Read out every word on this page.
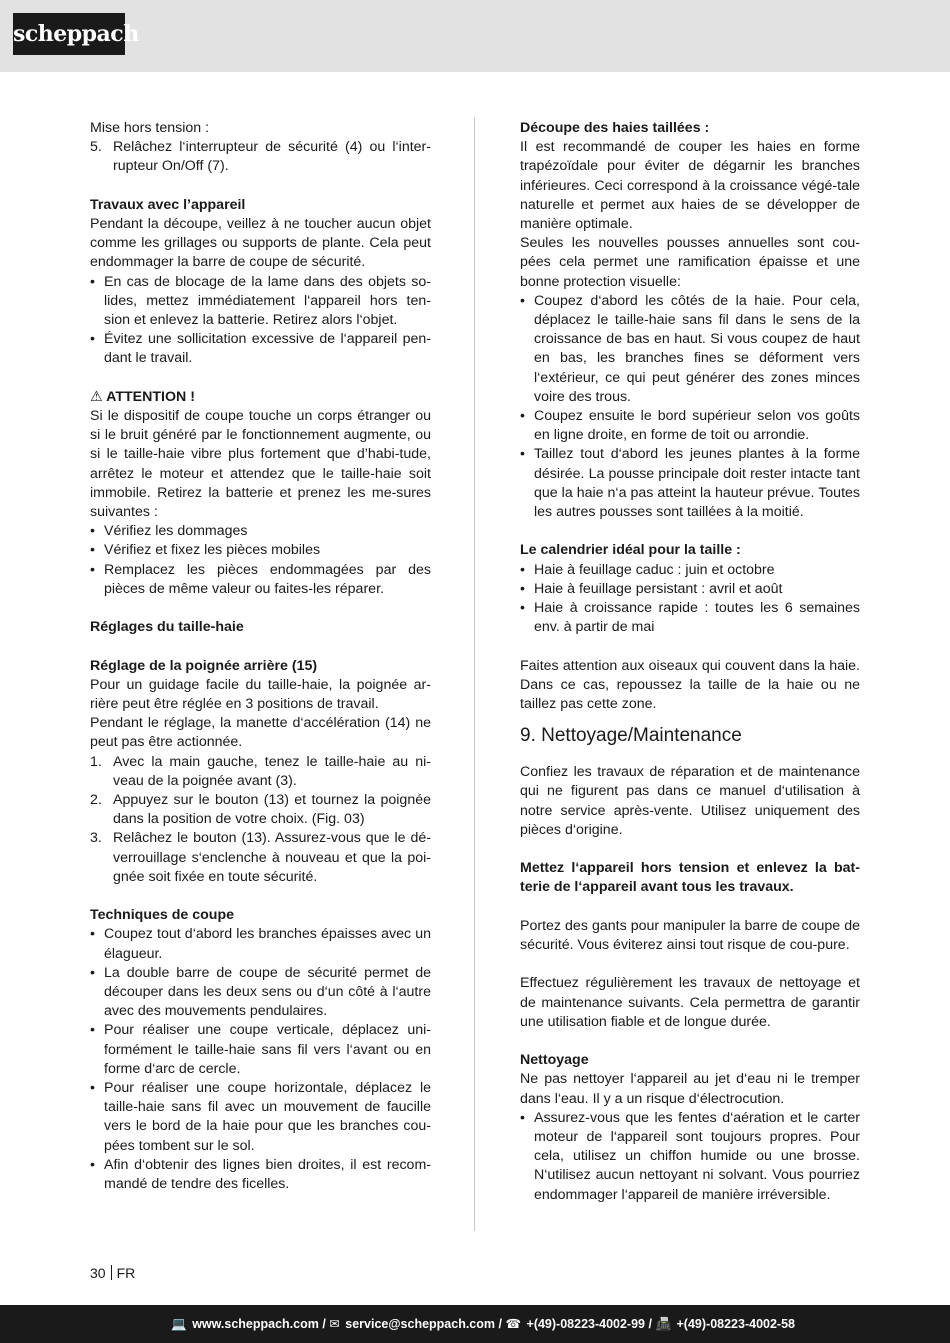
scheppach

Mise hors tension :

5. Relâchez l‘interrupteur de sécurité (4) ou l‘inter-rupteur On/Off (7).

Travaux avec l’appareil

Pendant la découpe, veillez à ne toucher aucun objet comme les grillages ou supports de plante. Cela peut endommager la barre de coupe de sécurité.

• En cas de blocage de la lame dans des objets so-lides, mettez immédiatement l‘appareil hors ten-sion et enlevez la batterie. Retirez alors l‘objet.
• Évitez une sollicitation excessive de l‘appareil pen-dant le travail.

⚠ ATTENTION !

Si le dispositif de coupe touche un corps étranger ou si le bruit généré par le fonctionnement augmente, ou si le taille-haie vibre plus fortement que d’habi-tude, arrêtez le moteur et attendez que le taille-haie soit immobile. Retirez la batterie et prenez les me-sures suivantes :

• Vérifiez les dommages
• Vérifiez et fixez les pièces mobiles
• Remplacez les pièces endommagées par des pièces de même valeur ou faites-les réparer.

Réglages du taille-haie

Réglage de la poignée arrière (15)

Pour un guidage facile du taille-haie, la poignée ar-rière peut être réglée en 3 positions de travail.

Pendant le réglage, la manette d‘accélération (14) ne peut pas être actionnée.

1. Avec la main gauche, tenez le taille-haie au ni-veau de la poignée avant (3).
2. Appuyez sur le bouton (13) et tournez la poignée dans la position de votre choix. (Fig. 03)
3. Relâchez le bouton (13). Assurez-vous que le dé-verrouillage s‘enclenche à nouveau et que la poi-gnée soit fixée en toute sécurité.

Techniques de coupe

• Coupez tout d‘abord les branches épaisses avec un élagueur.
• La double barre de coupe de sécurité permet de découper dans les deux sens ou d‘un côté à l‘autre avec des mouvements pendulaires.
• Pour réaliser une coupe verticale, déplacez uni-formément le taille-haie sans fil vers l‘avant ou en forme d‘arc de cercle.
• Pour réaliser une coupe horizontale, déplacez le taille-haie sans fil avec un mouvement de faucille vers le bord de la haie pour que les branches cou-pées tombent sur le sol.
• Afin d‘obtenir des lignes bien droites, il est recom-mandé de tendre des ficelles.

Découpe des haies taillées :

Il est recommandé de couper les haies en forme trapézoïdale pour éviter de dégarnir les branches inférieures. Ceci correspond à la croissance végé-tale naturelle et permet aux haies de se développer de manière optimale.

Seules les nouvelles pousses annuelles sont cou-pées cela permet une ramification épaisse et une bonne protection visuelle:

• Coupez d‘abord les côtés de la haie. Pour cela, déplacez le taille-haie sans fil dans le sens de la croissance de bas en haut. Si vous coupez de haut en bas, les branches fines se déforment vers l‘extérieur, ce qui peut générer des zones minces voire des trous.
• Coupez ensuite le bord supérieur selon vos goûts en ligne droite, en forme de toit ou arrondie.
• Taillez tout d‘abord les jeunes plantes à la forme désirée. La pousse principale doit rester intacte tant que la haie n‘a pas atteint la hauteur prévue. Toutes les autres pousses sont taillées à la moitié.

Le calendrier idéal pour la taille :

• Haie à feuillage caduc : juin et octobre
• Haie à feuillage persistant : avril et août
• Haie à croissance rapide : toutes les 6 semaines env. à partir de mai

Faites attention aux oiseaux qui couvent dans la haie. Dans ce cas, repoussez la taille de la haie ou ne taillez pas cette zone.

9. Nettoyage/Maintenance

Confiez les travaux de réparation et de maintenance qui ne figurent pas dans ce manuel d‘utilisation à notre service après-vente. Utilisez uniquement des pièces d‘origine.

Mettez l‘appareil hors tension et enlevez la bat-terie de l‘appareil avant tous les travaux.

Portez des gants pour manipuler la barre de coupe de sécurité. Vous éviterez ainsi tout risque de cou-pure.

Effectuez régulièrement les travaux de nettoyage et de maintenance suivants. Cela permettra de garantir une utilisation fiable et de longue durée.

Nettoyage

Ne pas nettoyer l‘appareil au jet d‘eau ni le tremper dans l‘eau. Il y a un risque d‘électrocution.

• Assurez-vous que les fentes d‘aération et le carter moteur de l‘appareil sont toujours propres. Pour cela, utilisez un chiffon humide ou une brosse. N‘utilisez aucun nettoyant ni solvant. Vous pourriez endommager l‘appareil de manière irréversible.
30 FR
💻 www.scheppach.com / ✉ service@scheppach.com / ☎ +(49)-08223-4002-99 / 📠 +(49)-08223-4002-58
